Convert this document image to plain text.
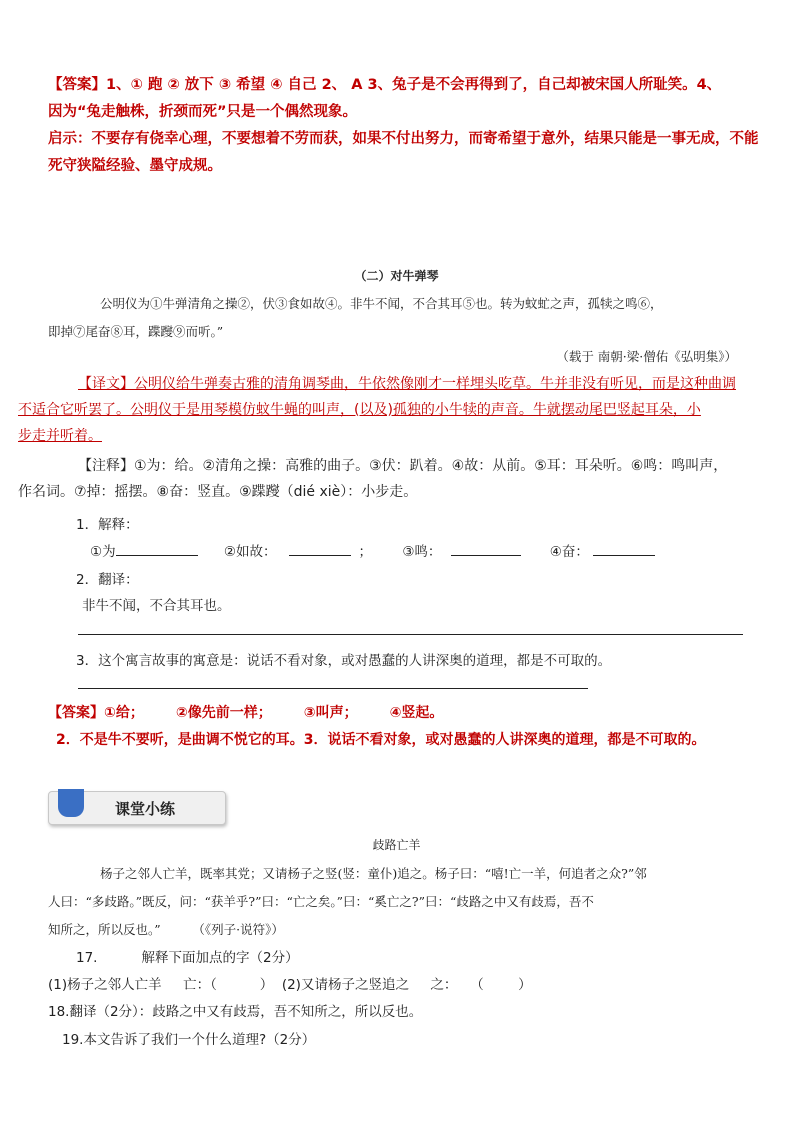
【答案】1、① 跑 ② 放下 ③ 希望 ④ 自己 2、 A 3、兔子是不会再得到了，自己却被宋国人所耻笑。4、
因为“兔走触株，折颈而死”只是一个偶然现象。
启示：不要存有侥幸心理，不要想着不劳而获，如果不付出努力，而寄希望于意外，结果只能是一事无成，不能
死守狭隘经验、墨守成规。
（二）对牛弹琴
公明仪为①牛弹清角之操②，伏③食如故④。非牛不闻，不合其耳⑤也。转为蚊虻之声，孤犊之鸣⑥，
即掉⑦尾奋⑧耳，蹀躞⑨而听。”
（载于 南朝·梁·僧佑《弘明集》）
【译文】公明仪给牛弹奏古雅的清角调琴曲，牛依然像刚才一样埋头吃草。牛并非没有听见，而是这种曲调
不适合它听罢了。公明仪于是用琴模仿蚊牛蝇的叫声，(以及)孤独的小牛犊的声音。牛就摆动尾巴竖起耳朵，小
步走并听着。
【注释】①为：给。②清角之操：高雅的曲子。③伏：趴着。④故：从前。⑤耳：耳朵听。⑥鸣：鸣叫声，
作名词。⑦掉：摇摆。⑧奋：竖直。⑨蹀躞（dié xiè）：小步走。
1．解释：
①为	②如故：	； ③鸣：	④奋：
2．翻译：
非牛不闻，不合其耳也。
3．这个寓言故事的寓意是：说话不看对象，或对愚蠢的人讲深奥的道理，都是不可取的。
【答案】①给； ②像先前一样； ③叫声； ④竖起。
2．不是牛不要听，是曲调不悦它的耳。3．说话不看对象，或对愚蠢的人讲深奥的道理，都是不可取的。
课堂小练
歧路亡羊
杨子之邻人亡羊，既率其党；又请杨子之竖(竖：童仆)追之。杨子曰：“嘻!亡一羊，何追者之众?”邻
人曰：“多歧路。”既反，问：“获羊乎?”曰：“亡之矣。”曰：“奚亡之?”曰：“歧路之中又有歧焉，吾不
知所之，所以反也。”        （《列子·说符》）
17.	解释下面加点的字（2分）
(1)杨子之邻人亡羊     亡：（          ）  (2)又请杨子之竖追之     之：   （        ）
18.翻译（2分）：歧路之中又有歧焉，吾不知所之，所以反也。
19.本文告诉了我们一个什么道理?（2分）
